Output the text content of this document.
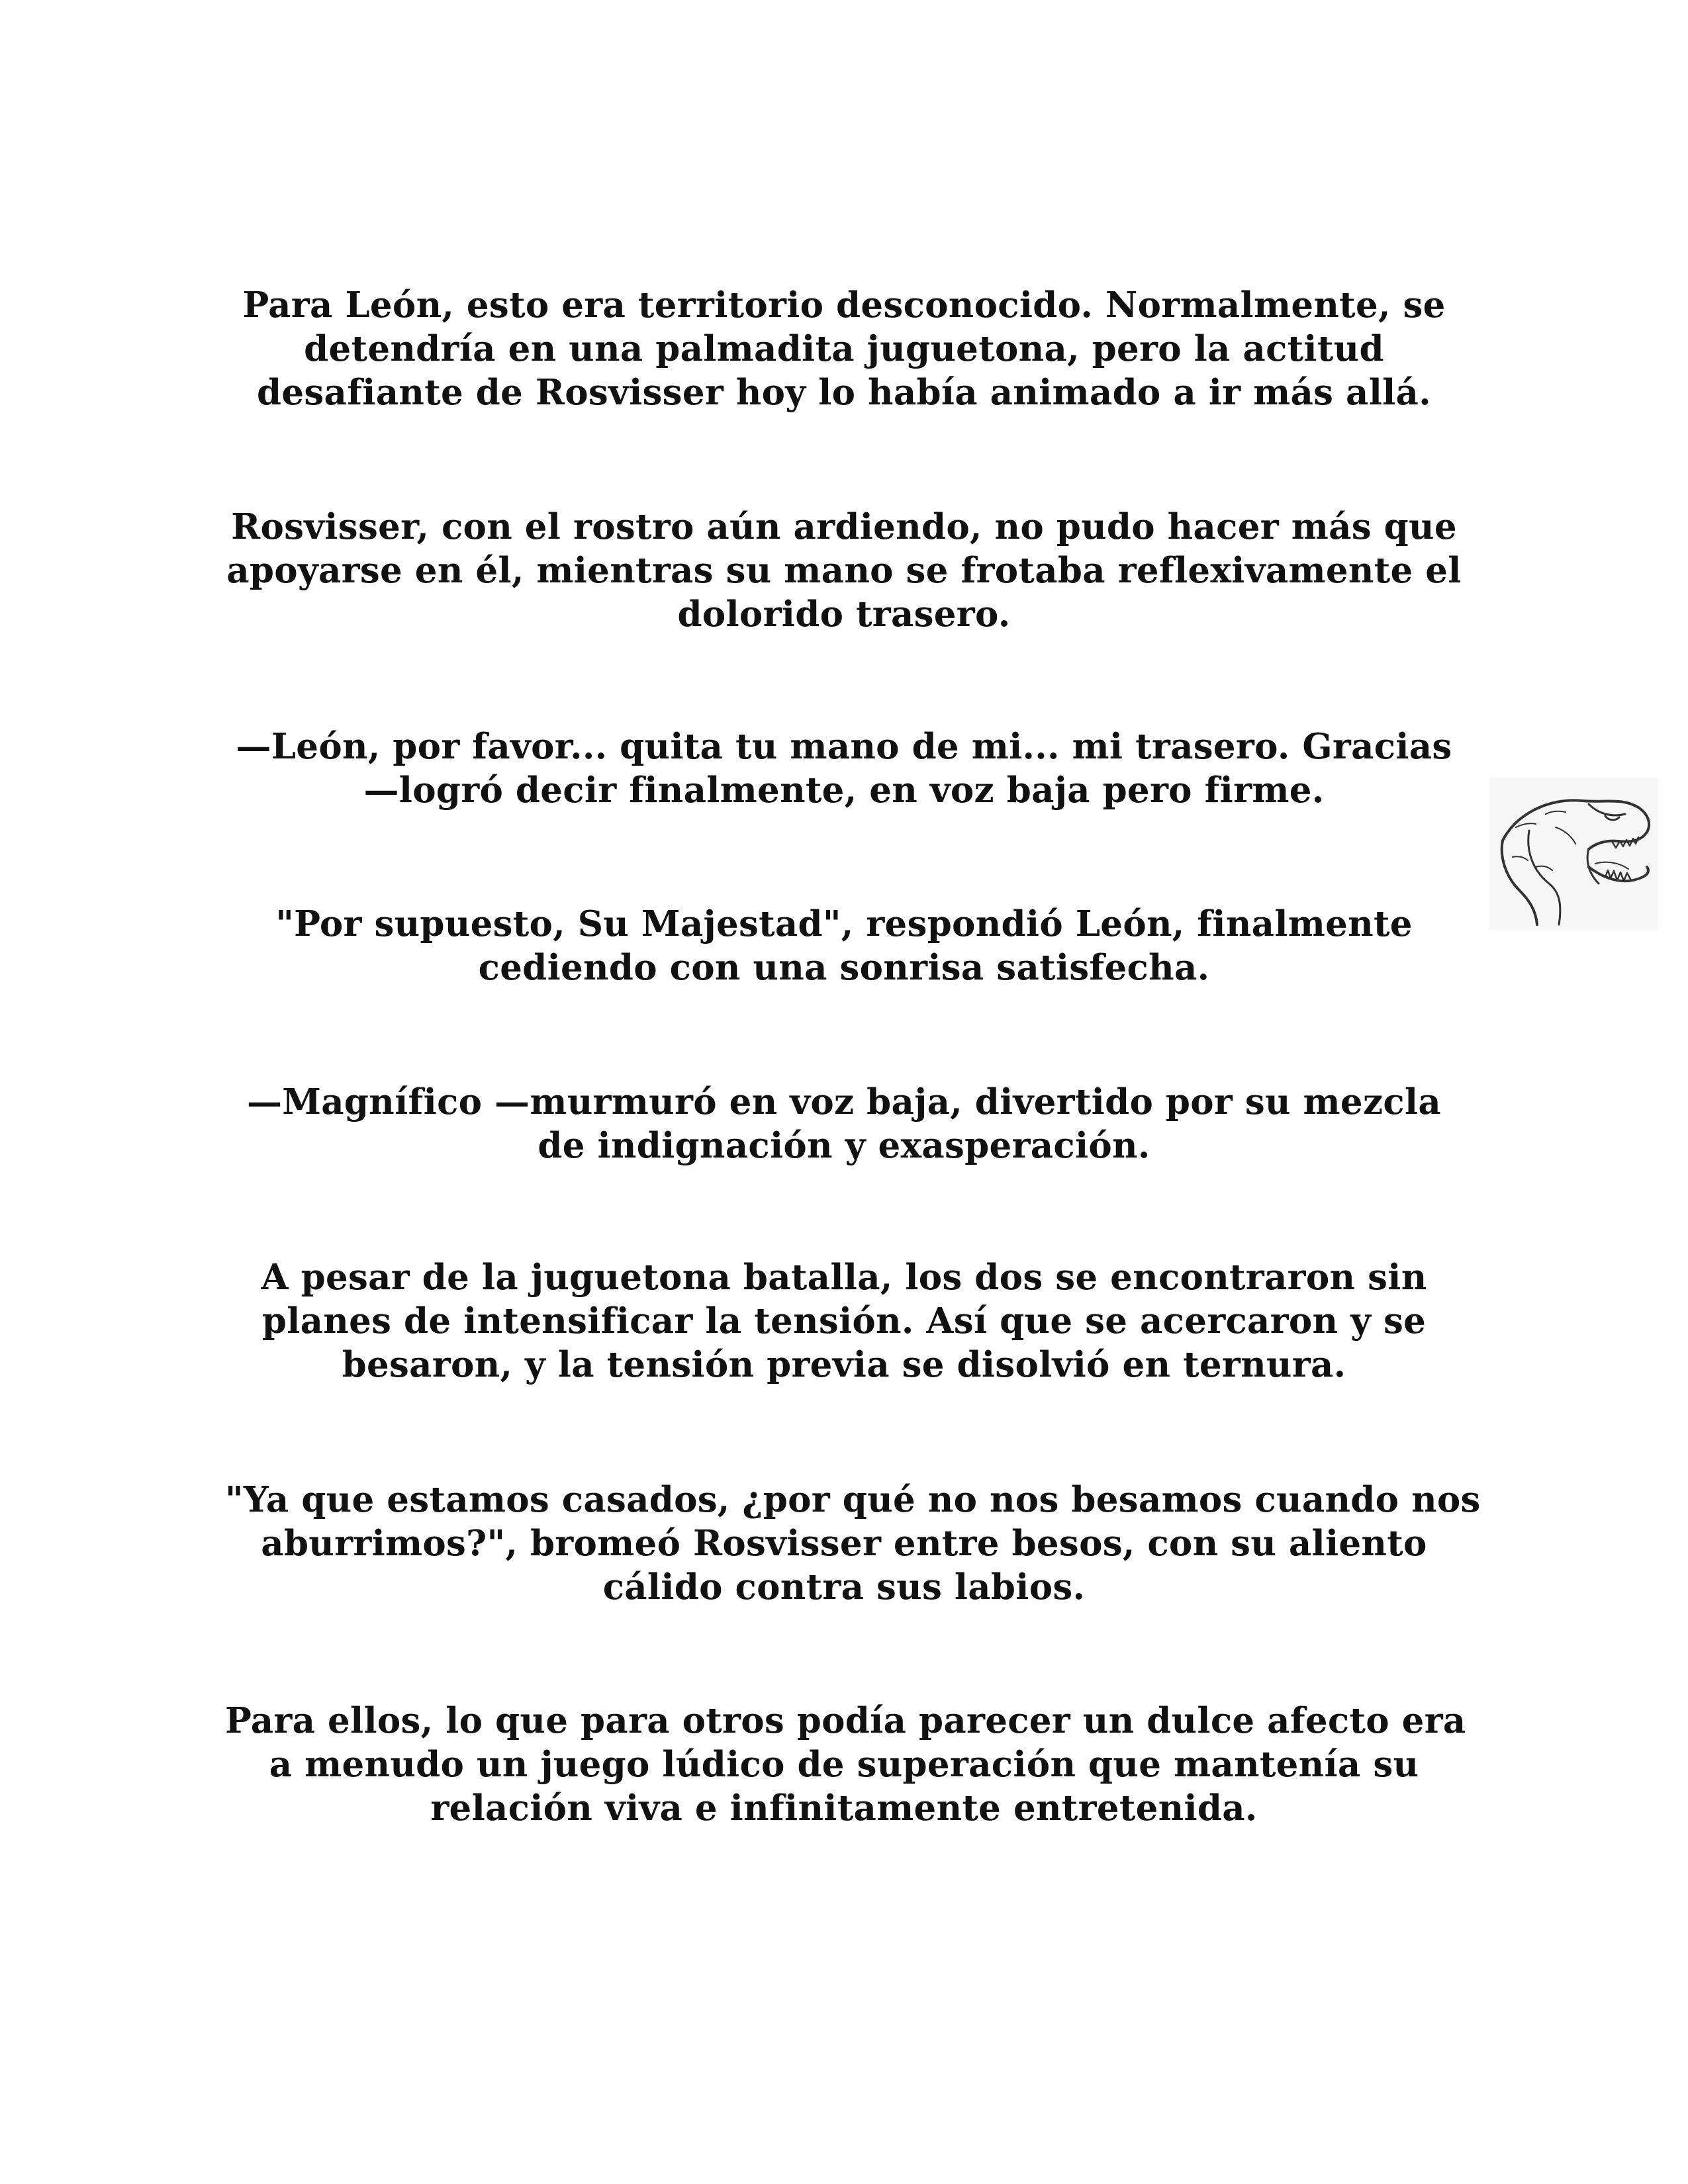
Para León, esto era territorio desconocido. Normalmente, se
detendría en una palmadita juguetona, pero la actitud
desafiante de Rosvisser hoy lo había animado a ir más allá.

Rosvisser, con el rostro aún ardiendo, no pudo hacer más que
apoyarse en él, mientras su mano se frotaba reflexivamente el
dolorido trasero.

—León, por favor... quita tu mano de mi... mi trasero. Gracias
—logró decir finalmente, en voz baja pero firme.

"Por supuesto, Su Majestad", respondió León, finalmente
cediendo con una sonrisa satisfecha.

—Magnífico —murmuró en voz baja, divertido por su mezcla
de indignación y exasperación.

A pesar de la juguetona batalla, los dos se encontraron sin
planes de intensificar la tensión. Así que se acercaron y se
besaron, y la tensión previa se disolvió en ternura.

"Ya que estamos casados, ¿por qué no nos besamos cuando nos
aburrimos?", bromeó Rosvisser entre besos, con su aliento
cálido contra sus labios.

Para ellos, lo que para otros podía parecer un dulce afecto era
a menudo un juego lúdico de superación que mantenía su
relación viva e infinitamente entretenida.
